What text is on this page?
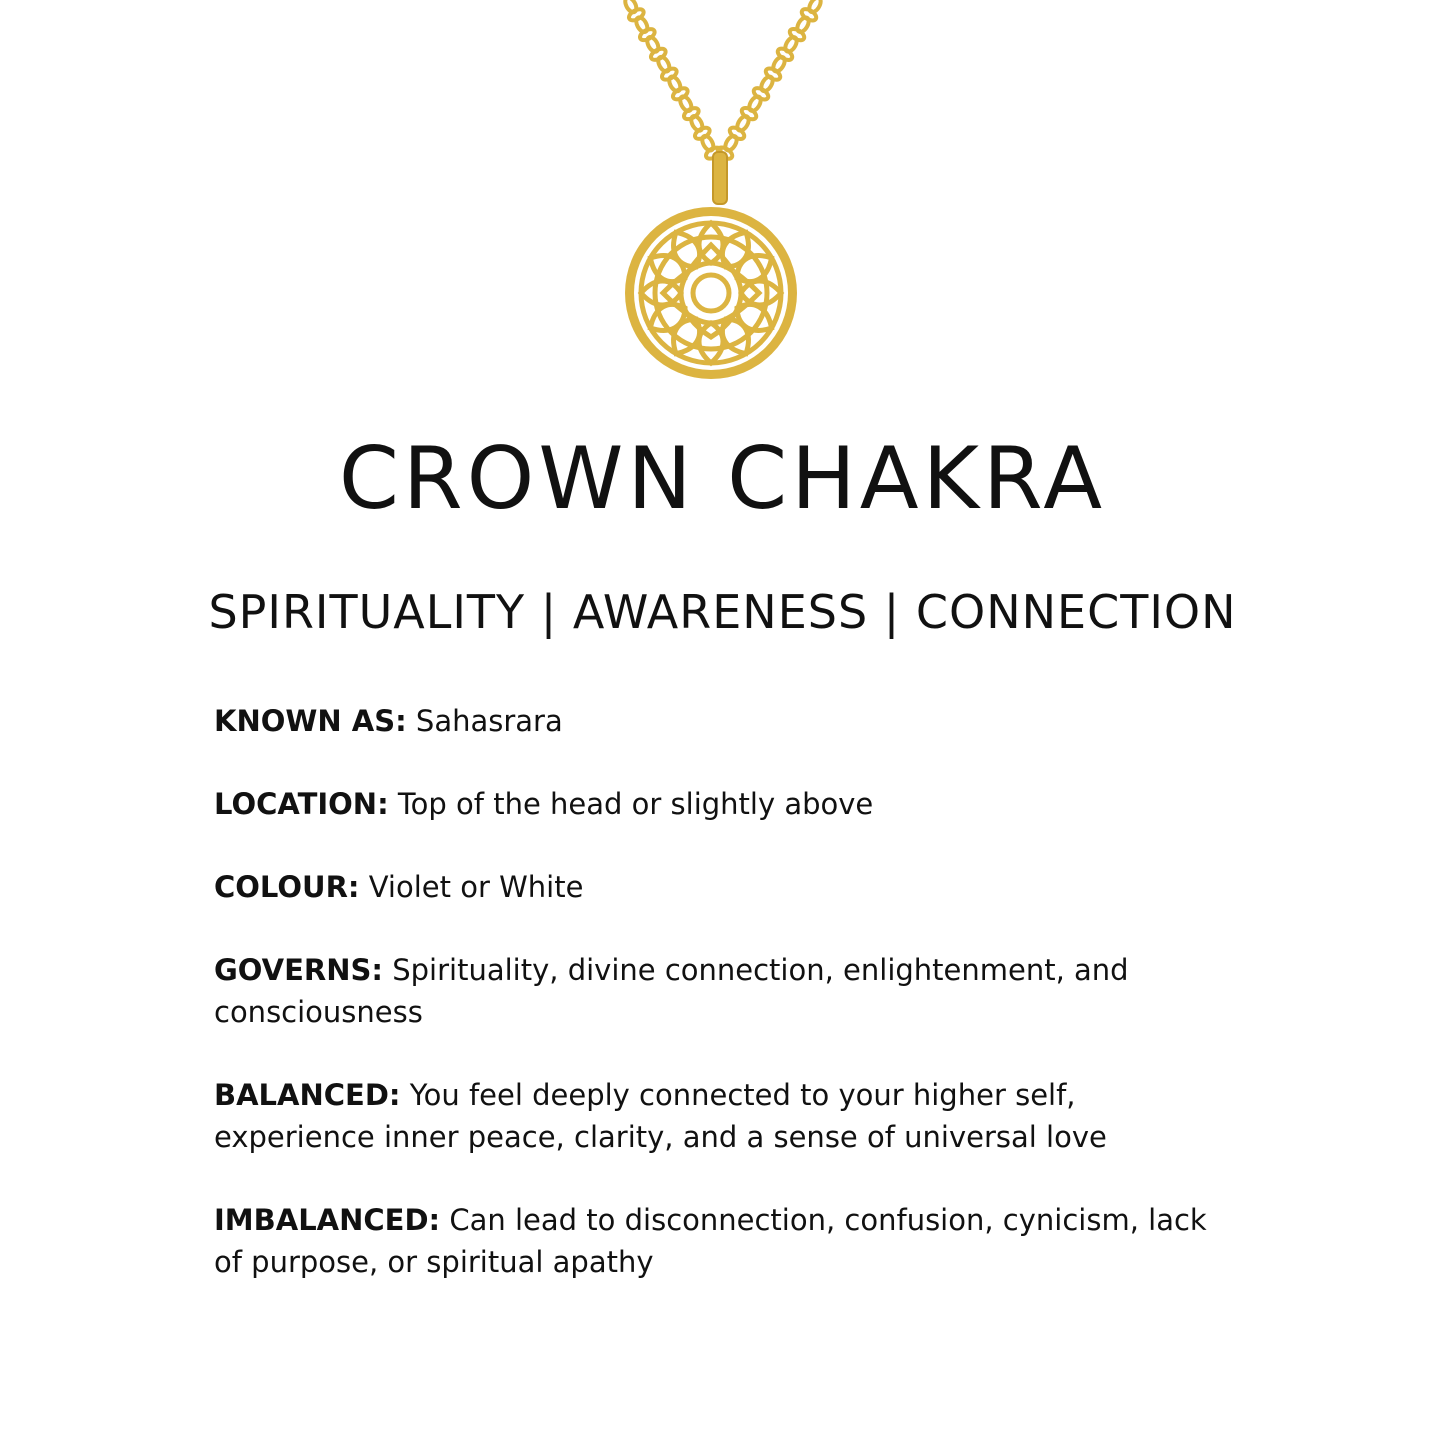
CROWN CHAKRA
SPIRITUALITY | AWARENESS | CONNECTION

KNOWN AS: Sahasrara

LOCATION: Top of the head or slightly above

COLOUR: Violet or White

GOVERNS: Spirituality, divine connection, enlightenment, and consciousness

BALANCED: You feel deeply connected to your higher self, experience inner peace, clarity, and a sense of universal love

IMBALANCED: Can lead to disconnection, confusion, cynicism, lack of purpose, or spiritual apathy
